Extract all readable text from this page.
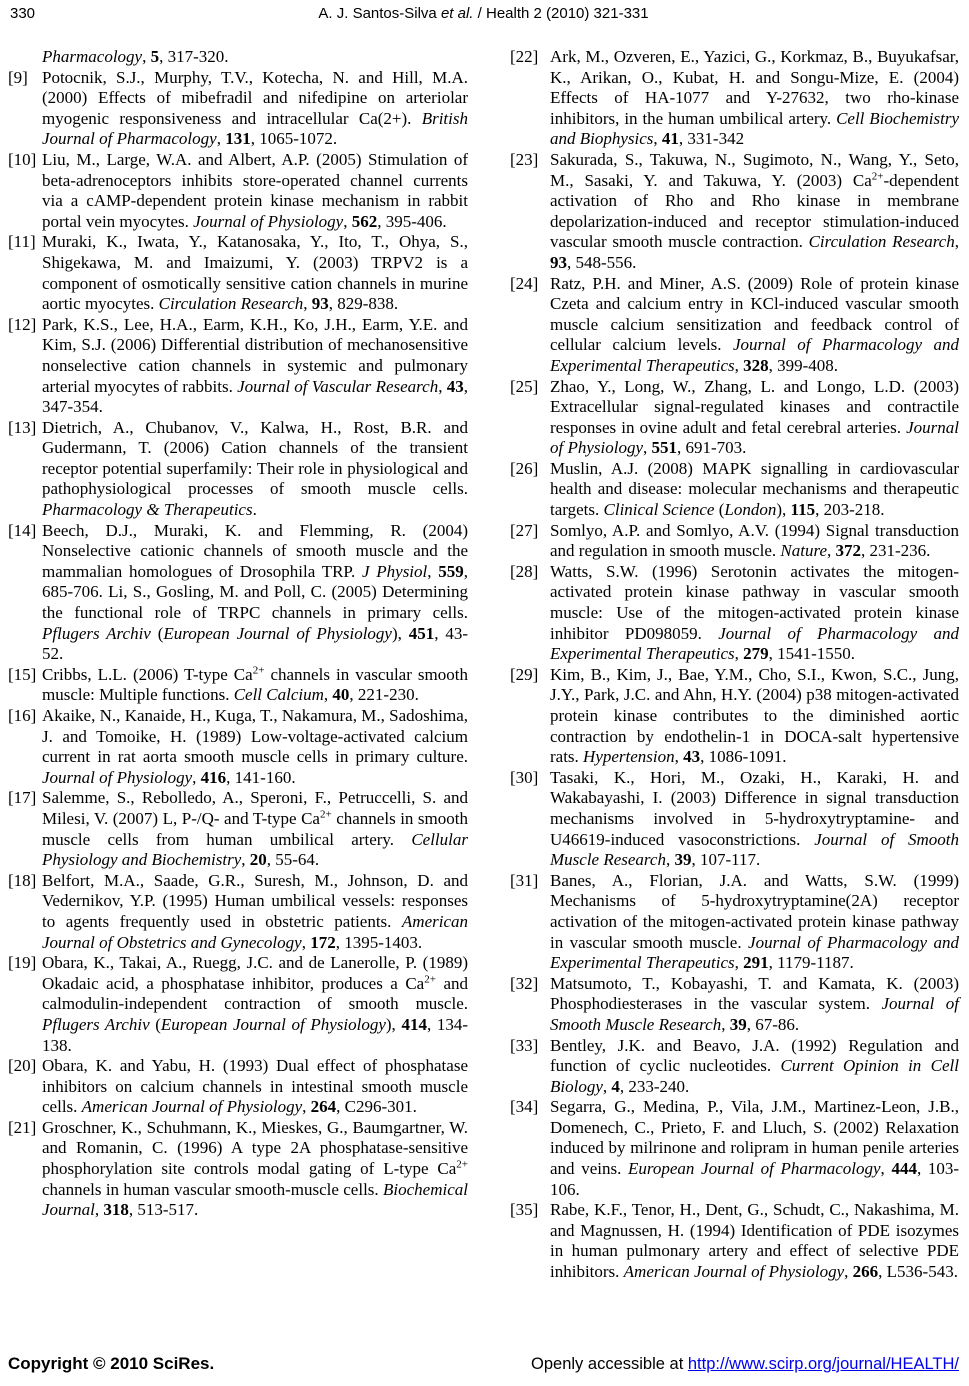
330	A. J. Santos-Silva et al. / Health 2 (2010) 321-331
Pharmacology, 5, 317-320.
[9] Potocnik, S.J., Murphy, T.V., Kotecha, N. and Hill, M.A. (2000) Effects of mibefradil and nifedipine on arteriolar myogenic responsiveness and intracellular Ca(2+). British Journal of Pharmacology, 131, 1065-1072.
[10] Liu, M., Large, W.A. and Albert, A.P. (2005) Stimulation of beta-adrenoceptors inhibits store-operated channel currents via a cAMP-dependent protein kinase mechanism in rabbit portal vein myocytes. Journal of Physiology, 562, 395-406.
[11] Muraki, K., Iwata, Y., Katanosaka, Y., Ito, T., Ohya, S., Shigekawa, M. and Imaizumi, Y. (2003) TRPV2 is a component of osmotically sensitive cation channels in murine aortic myocytes. Circulation Research, 93, 829-838.
[12] Park, K.S., Lee, H.A., Earm, K.H., Ko, J.H., Earm, Y.E. and Kim, S.J. (2006) Differential distribution of mechanosensitive nonselective cation channels in systemic and pulmonary arterial myocytes of rabbits. Journal of Vascular Research, 43, 347-354.
[13] Dietrich, A., Chubanov, V., Kalwa, H., Rost, B.R. and Gudermann, T. (2006) Cation channels of the transient receptor potential superfamily: Their role in physiological and pathophysiological processes of smooth muscle cells. Pharmacology & Therapeutics.
[14] Beech, D.J., Muraki, K. and Flemming, R. (2004) Nonselective cationic channels of smooth muscle and the mammalian homologues of Drosophila TRP. J Physiol, 559, 685-706. Li, S., Gosling, M. and Poll, C. (2005) Determining the functional role of TRPC channels in primary cells. Pflugers Archiv (European Journal of Physiology), 451, 43-52.
[15] Cribbs, L.L. (2006) T-type $Ca^{2+}$ channels in vascular smooth muscle: Multiple functions. Cell Calcium, 40, 221-230.
[16] Akaike, N., Kanaide, H., Kuga, T., Nakamura, M., Sadoshima, J. and Tomoike, H. (1989) Low-voltage-activated calcium current in rat aorta smooth muscle cells in primary culture. Journal of Physiology, 416, 141-160.
[17] Salemme, S., Rebolledo, A., Speroni, F., Petruccelli, S. and Milesi, V. (2007) L, P-/Q- and T-type $Ca^{2+}$ channels in smooth muscle cells from human umbilical artery. Cellular Physiology and Biochemistry, 20, 55-64.
[18] Belfort, M.A., Saade, G.R., Suresh, M., Johnson, D. and Vedernikov, Y.P. (1995) Human umbilical vessels: responses to agents frequently used in obstetric patients. American Journal of Obstetrics and Gynecology, 172, 1395-1403.
[19] Obara, K., Takai, A., Ruegg, J.C. and de Lanerolle, P. (1989) Okadaic acid, a phosphatase inhibitor, produces a $Ca^{2+}$ and calmodulin-independent contraction of smooth muscle. Pflugers Archiv (European Journal of Physiology), 414, 134-138.
[20] Obara, K. and Yabu, H. (1993) Dual effect of phosphatase inhibitors on calcium channels in intestinal smooth muscle cells. American Journal of Physiology, 264, C296-301.
[21] Groschner, K., Schuhmann, K., Mieskes, G., Baumgartner, W. and Romanin, C. (1996) A type 2A phosphatase-sensitive phosphorylation site controls modal gating of L-type $Ca^{2+}$ channels in human vascular smooth-muscle cells. Biochemical Journal, 318, 513-517.
[22] Ark, M., Ozveren, E., Yazici, G., Korkmaz, B., Buyukafsar, K., Arikan, O., Kubat, H. and Songu-Mize, E. (2004) Effects of HA-1077 and Y-27632, two rho-kinase inhibitors, in the human umbilical artery. Cell Biochemistry and Biophysics, 41, 331-342
[23] Sakurada, S., Takuwa, N., Sugimoto, N., Wang, Y., Seto, M., Sasaki, Y. and Takuwa, Y. (2003) $Ca^{2+}$-dependent activation of Rho and Rho kinase in membrane depolarization-induced and receptor stimulation-induced vascular smooth muscle contraction. Circulation Research, 93, 548-556.
[24] Ratz, P.H. and Miner, A.S. (2009) Role of protein kinase Czeta and calcium entry in KCl-induced vascular smooth muscle calcium sensitization and feedback control of cellular calcium levels. Journal of Pharmacology and Experimental Therapeutics, 328, 399-408.
[25] Zhao, Y., Long, W., Zhang, L. and Longo, L.D. (2003) Extracellular signal-regulated kinases and contractile responses in ovine adult and fetal cerebral arteries. Journal of Physiology, 551, 691-703.
[26] Muslin, A.J. (2008) MAPK signalling in cardiovascular health and disease: molecular mechanisms and therapeutic targets. Clinical Science (London), 115, 203-218.
[27] Somlyo, A.P. and Somlyo, A.V. (1994) Signal transduction and regulation in smooth muscle. Nature, 372, 231-236.
[28] Watts, S.W. (1996) Serotonin activates the mitogen-activated protein kinase pathway in vascular smooth muscle: Use of the mitogen-activated protein kinase inhibitor PD098059. Journal of Pharmacology and Experimental Therapeutics, 279, 1541-1550.
[29] Kim, B., Kim, J., Bae, Y.M., Cho, S.I., Kwon, S.C., Jung, J.Y., Park, J.C. and Ahn, H.Y. (2004) p38 mitogen-activated protein kinase contributes to the diminished aortic contraction by endothelin-1 in DOCA-salt hypertensive rats. Hypertension, 43, 1086-1091.
[30] Tasaki, K., Hori, M., Ozaki, H., Karaki, H. and Wakabayashi, I. (2003) Difference in signal transduction mechanisms involved in 5-hydroxytryptamine- and U46619-induced vasoconstrictions. Journal of Smooth Muscle Research, 39, 107-117.
[31] Banes, A., Florian, J.A. and Watts, S.W. (1999) Mechanisms of 5-hydroxytryptamine(2A) receptor activation of the mitogen-activated protein kinase pathway in vascular smooth muscle. Journal of Pharmacology and Experimental Therapeutics, 291, 1179-1187.
[32] Matsumoto, T., Kobayashi, T. and Kamata, K. (2003) Phosphodiesterases in the vascular system. Journal of Smooth Muscle Research, 39, 67-86.
[33] Bentley, J.K. and Beavo, J.A. (1992) Regulation and function of cyclic nucleotides. Current Opinion in Cell Biology, 4, 233-240.
[34] Segarra, G., Medina, P., Vila, J.M., Martinez-Leon, J.B., Domenech, C., Prieto, F. and Lluch, S. (2002) Relaxation induced by milrinone and rolipram in human penile arteries and veins. European Journal of Pharmacology, 444, 103-106.
[35] Rabe, K.F., Tenor, H., Dent, G., Schudt, C., Nakashima, M. and Magnussen, H. (1994) Identification of PDE isozymes in human pulmonary artery and effect of selective PDE inhibitors. American Journal of Physiology, 266, L536-543.
Copyright © 2010 SciRes.	Openly accessible at http://www.scirp.org/journal/HEALTH/
